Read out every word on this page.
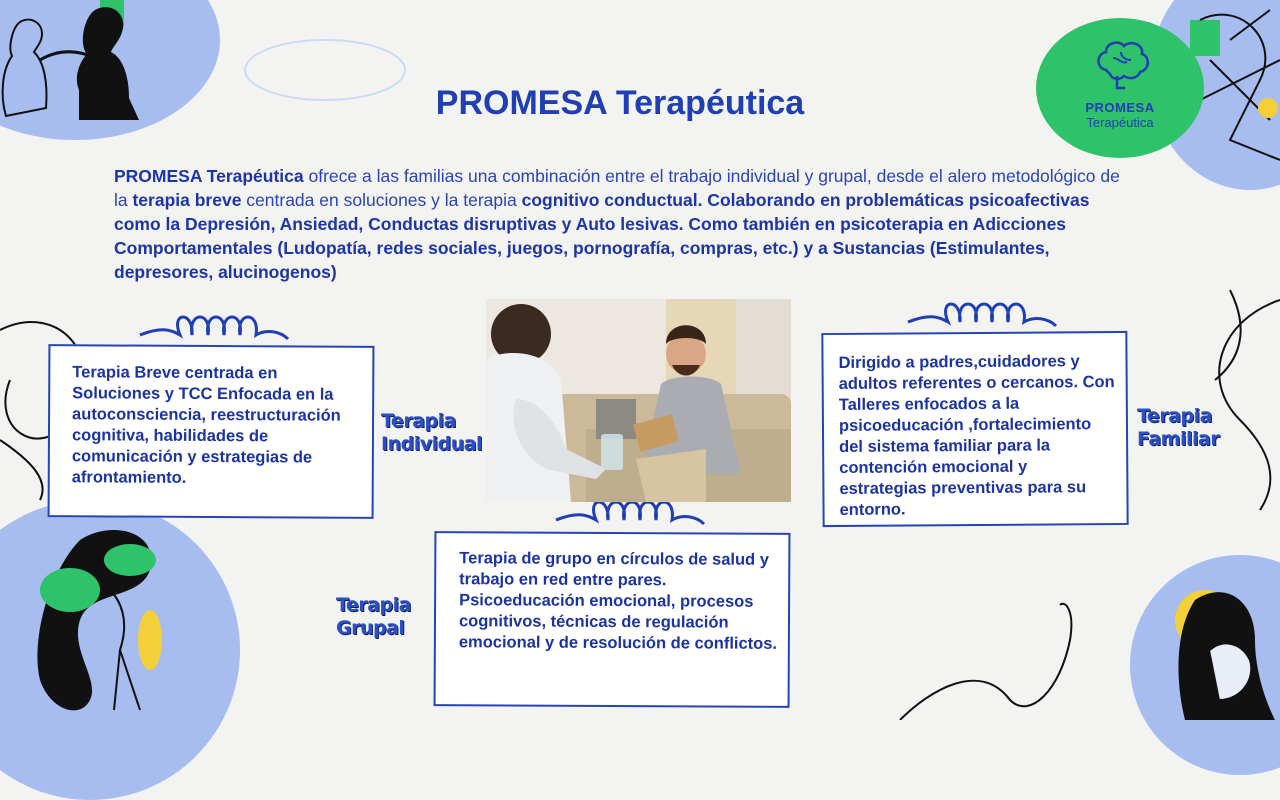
PROMESA
Terapéutica
PROMESA Terapéutica

PROMESA Terapéutica ofrece a las familias una combinación entre el trabajo individual y grupal, desde el alero metodológico de la terapia breve centrada en soluciones y la terapia cognitivo conductual. Colaborando en problemáticas psicoafectivas como la Depresión, Ansiedad, Conductas disruptivas y Auto lesivas. Como también en psicoterapia en Adicciones Comportamentales (Ludopatía, redes sociales, juegos, pornografía, compras, etc.) y a Sustancias (Estimulantes, depresores, alucinogenos)

Terapia Breve centrada en Soluciones y TCC Enfocada en la autoconsciencia, reestructuración cognitiva, habilidades de comunicación y estrategias de afrontamiento.

Terapia
Individual

Dirigido a padres,cuidadores y adultos referentes o cercanos. Con Talleres enfocados a la psicoeducación ,fortalecimiento del sistema familiar para la contención emocional y estrategias preventivas para su entorno.

Terapia
Familiar

Terapia de grupo en círculos de salud y trabajo en red entre pares. Psicoeducación emocional, procesos cognitivos, técnicas de regulación emocional y de resolución de conflictos.

Terapia
Grupal
